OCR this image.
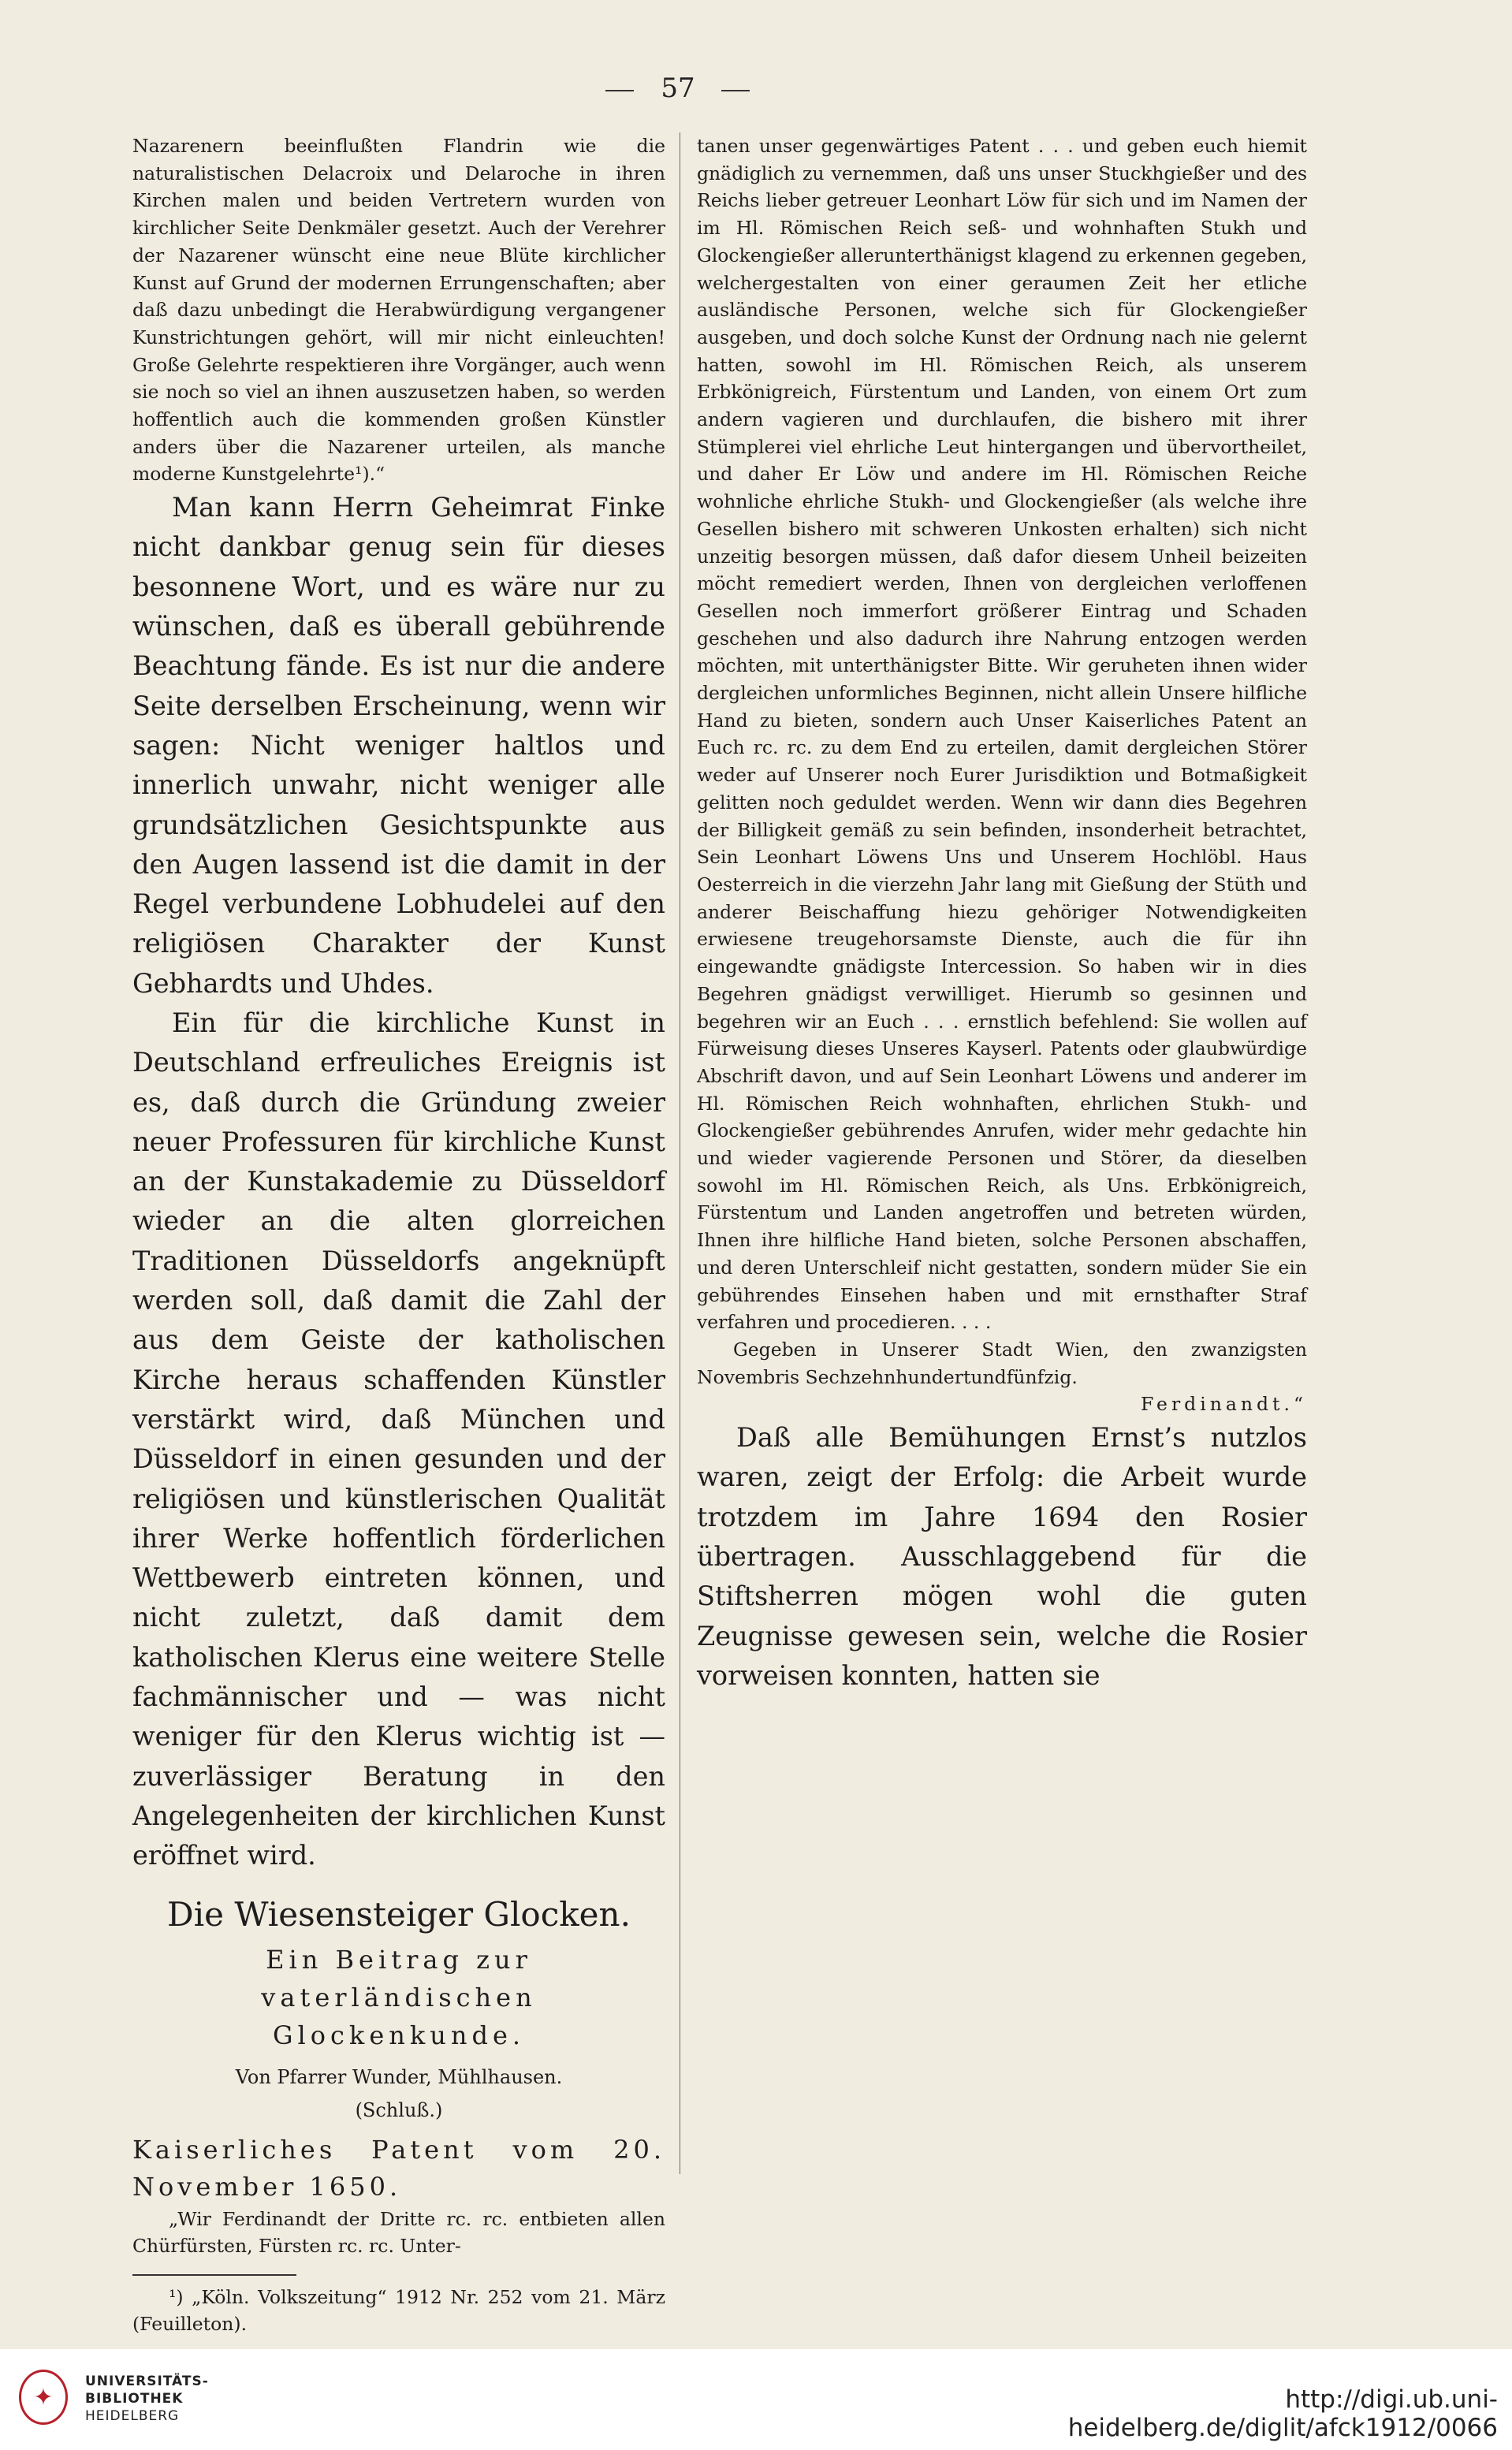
57

Nazarenern beeinflußten Flandrin wie die naturalistischen Delacroix und Delaroche in ihren Kirchen malen und beiden Vertretern wurden von kirchlicher Seite Denkmäler gesetzt. Auch der Verehrer der Nazarener wünscht eine neue Blüte kirchlicher Kunst auf Grund der modernen Errungenschaften; aber daß dazu unbedingt die Herabwürdigung vergangener Kunstrichtungen gehört, will mir nicht einleuchten! Große Gelehrte respektieren ihre Vorgänger, auch wenn sie noch so viel an ihnen auszusetzen haben, so werden hoffentlich auch die kommenden großen Künstler anders über die Nazarener urteilen, als manche moderne Kunstgelehrte¹).“

Man kann Herrn Geheimrat Finke nicht dankbar genug sein für dieses besonnene Wort, und es wäre nur zu wünschen, daß es überall gebührende Beachtung fände. Es ist nur die andere Seite derselben Erscheinung, wenn wir sagen: Nicht weniger haltlos und innerlich unwahr, nicht weniger alle grundsätzlichen Gesichtspunkte aus den Augen lassend ist die damit in der Regel verbundene Lobhudelei auf den religiösen Charakter der Kunst Gebhardts und Uhdes.

Ein für die kirchliche Kunst in Deutschland erfreuliches Ereignis ist es, daß durch die Gründung zweier neuer Professuren für kirchliche Kunst an der Kunstakademie zu Düsseldorf wieder an die alten glorreichen Traditionen Düsseldorfs angeknüpft werden soll, daß damit die Zahl der aus dem Geiste der katholischen Kirche heraus schaffenden Künstler verstärkt wird, daß München und Düsseldorf in einen gesunden und der religiösen und künstlerischen Qualität ihrer Werke hoffentlich förderlichen Wettbewerb eintreten können, und nicht zuletzt, daß damit dem katholischen Klerus eine weitere Stelle fachmännischer und — was nicht weniger für den Klerus wichtig ist — zuverlässiger Beratung in den Angelegenheiten der kirchlichen Kunst eröffnet wird.

Die Wiesensteiger Glocken.
Ein Beitrag zur vaterländischen Glockenkunde.
Von Pfarrer Wunder, Mühlhausen.
(Schluß.)
Kaiserliches Patent vom 20. November 1650.

„Wir Ferdinandt der Dritte rc. rc. entbieten allen Chürfürsten, Fürsten rc. rc. Unter-

¹) „Köln. Volkszeitung“ 1912 Nr. 252 vom 21. März (Feuilleton).

tanen unser gegenwärtiges Patent . . . und geben euch hiemit gnädiglich zu vernemmen, daß uns unser Stuckhgießer und des Reichs lieber getreuer Leonhart Löw für sich und im Namen der im Hl. Römischen Reich seß- und wohnhaften Stukh und Glockengießer allerunterthänigst klagend zu erkennen gegeben, welchergestalten von einer geraumen Zeit her etliche ausländische Personen, welche sich für Glockengießer ausgeben, und doch solche Kunst der Ordnung nach nie gelernt hatten, sowohl im Hl. Römischen Reich, als unserem Erbkönigreich, Fürstentum und Landen, von einem Ort zum andern vagieren und durchlaufen, die bishero mit ihrer Stümplerei viel ehrliche Leut hintergangen und übervortheilet, und daher Er Löw und andere im Hl. Römischen Reiche wohnliche ehrliche Stukh- und Glockengießer (als welche ihre Gesellen bishero mit schweren Unkosten erhalten) sich nicht unzeitig besorgen müssen, daß dafor diesem Unheil beizeiten möcht remediert werden, Ihnen von dergleichen verloffenen Gesellen noch immerfort größerer Eintrag und Schaden geschehen und also dadurch ihre Nahrung entzogen werden möchten, mit unterthänigster Bitte. Wir geruheten ihnen wider dergleichen unformliches Beginnen, nicht allein Unsere hilfliche Hand zu bieten, sondern auch Unser Kaiserliches Patent an Euch rc. rc. zu dem End zu erteilen, damit dergleichen Störer weder auf Unserer noch Eurer Jurisdiktion und Botmaßigkeit gelitten noch geduldet werden. Wenn wir dann dies Begehren der Billigkeit gemäß zu sein befinden, insonderheit betrachtet, Sein Leonhart Löwens Uns und Unserem Hochlöbl. Haus Oesterreich in die vierzehn Jahr lang mit Gießung der Stüth und anderer Beischaffung hiezu gehöriger Notwendigkeiten erwiesene treugehorsamste Dienste, auch die für ihn eingewandte gnädigste Intercession. So haben wir in dies Begehren gnädigst verwilliget. Hierumb so gesinnen und begehren wir an Euch . . . ernstlich befehlend: Sie wollen auf Fürweisung dieses Unseres Kayserl. Patents oder glaubwürdige Abschrift davon, und auf Sein Leonhart Löwens und anderer im Hl. Römischen Reich wohnhaften, ehrlichen Stukh- und Glockengießer gebührendes Anrufen, wider mehr gedachte hin und wieder vagierende Personen und Störer, da dieselben sowohl im Hl. Römischen Reich, als Uns. Erbkönigreich, Fürstentum und Landen angetroffen und betreten würden, Ihnen ihre hilfliche Hand bieten, solche Personen abschaffen, und deren Unterschleif nicht gestatten, sondern müder Sie ein gebührendes Einsehen haben und mit ernsthafter Straf verfahren und procedieren. . . .

Gegeben in Unserer Stadt Wien, den zwanzigsten Novembris Sechzehnhundertundfünfzig.

Ferdinandt.“

Daß alle Bemühungen Ernst’s nutzlos waren, zeigt der Erfolg: die Arbeit wurde trotzdem im Jahre 1694 den Rosier übertragen. Ausschlaggebend für die Stiftsherren mögen wohl die guten Zeugnisse gewesen sein, welche die Rosier vorweisen konnten, hatten sie

✦
UNIVERSITÄTS-
BIBLIOTHEK
HEIDELBERG
http://digi.ub.uni-heidelberg.de/diglit/afck1912/0066
